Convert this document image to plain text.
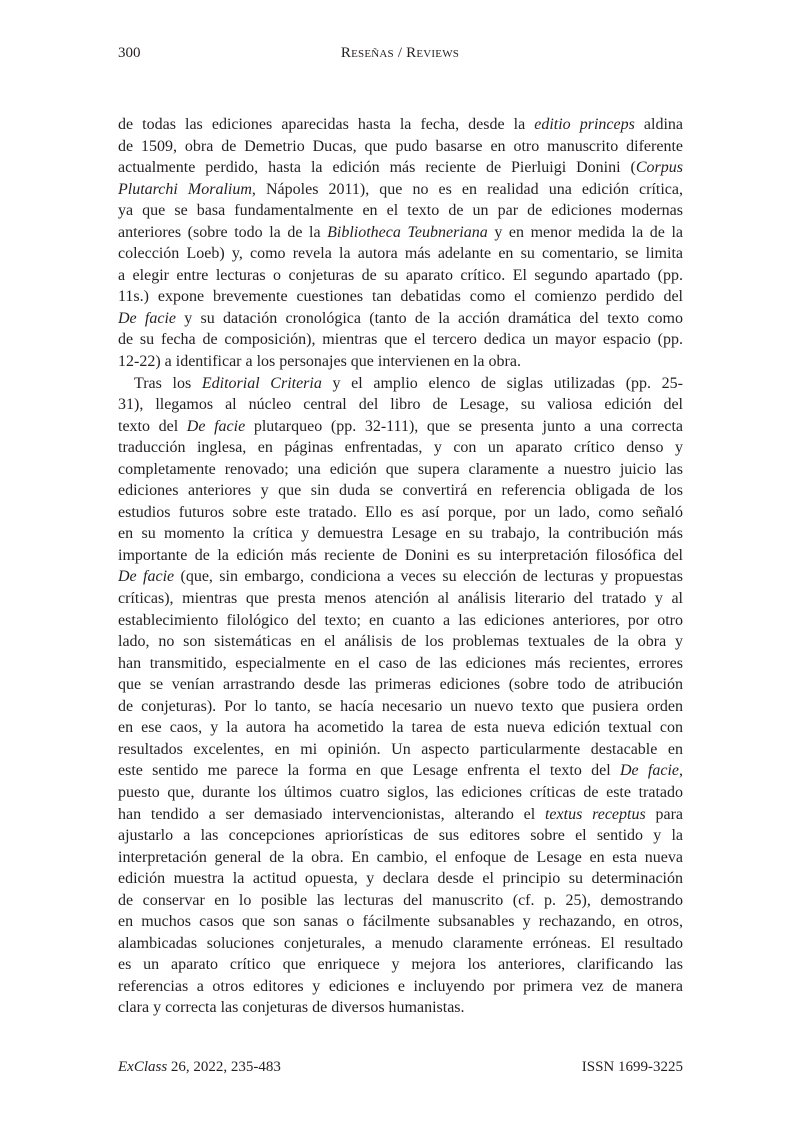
300	Reseñas / Reviews
de todas las ediciones aparecidas hasta la fecha, desde la editio princeps aldina
de 1509, obra de Demetrio Ducas, que pudo basarse en otro manuscrito diferente
actualmente perdido, hasta la edición más reciente de Pierluigi Donini (Corpus
Plutarchi Moralium, Nápoles 2011), que no es en realidad una edición crítica,
ya que se basa fundamentalmente en el texto de un par de ediciones modernas
anteriores (sobre todo la de la Bibliotheca Teubneriana y en menor medida la de la
colección Loeb) y, como revela la autora más adelante en su comentario, se limita
a elegir entre lecturas o conjeturas de su aparato crítico. El segundo apartado (pp.
11s.) expone brevemente cuestiones tan debatidas como el comienzo perdido del
De facie y su datación cronológica (tanto de la acción dramática del texto como
de su fecha de composición), mientras que el tercero dedica un mayor espacio (pp.
12-22) a identificar a los personajes que intervienen en la obra.
Tras los Editorial Criteria y el amplio elenco de siglas utilizadas (pp. 25-
31), llegamos al núcleo central del libro de Lesage, su valiosa edición del
texto del De facie plutarqueo (pp. 32-111), que se presenta junto a una correcta
traducción inglesa, en páginas enfrentadas, y con un aparato crítico denso y
completamente renovado; una edición que supera claramente a nuestro juicio las
ediciones anteriores y que sin duda se convertirá en referencia obligada de los
estudios futuros sobre este tratado. Ello es así porque, por un lado, como señaló
en su momento la crítica y demuestra Lesage en su trabajo, la contribución más
importante de la edición más reciente de Donini es su interpretación filosófica del
De facie (que, sin embargo, condiciona a veces su elección de lecturas y propuestas
críticas), mientras que presta menos atención al análisis literario del tratado y al
establecimiento filológico del texto; en cuanto a las ediciones anteriores, por otro
lado, no son sistemáticas en el análisis de los problemas textuales de la obra y
han transmitido, especialmente en el caso de las ediciones más recientes, errores
que se venían arrastrando desde las primeras ediciones (sobre todo de atribución
de conjeturas). Por lo tanto, se hacía necesario un nuevo texto que pusiera orden
en ese caos, y la autora ha acometido la tarea de esta nueva edición textual con
resultados excelentes, en mi opinión. Un aspecto particularmente destacable en
este sentido me parece la forma en que Lesage enfrenta el texto del De facie,
puesto que, durante los últimos cuatro siglos, las ediciones críticas de este tratado
han tendido a ser demasiado intervencionistas, alterando el textus receptus para
ajustarlo a las concepciones apriorísticas de sus editores sobre el sentido y la
interpretación general de la obra. En cambio, el enfoque de Lesage en esta nueva
edición muestra la actitud opuesta, y declara desde el principio su determinación
de conservar en lo posible las lecturas del manuscrito (cf. p. 25), demostrando
en muchos casos que son sanas o fácilmente subsanables y rechazando, en otros,
alambicadas soluciones conjeturales, a menudo claramente erróneas. El resultado
es un aparato crítico que enriquece y mejora los anteriores, clarificando las
referencias a otros editores y ediciones e incluyendo por primera vez de manera
clara y correcta las conjeturas de diversos humanistas.
ExClass 26, 2022, 235-483	ISSN 1699-3225
